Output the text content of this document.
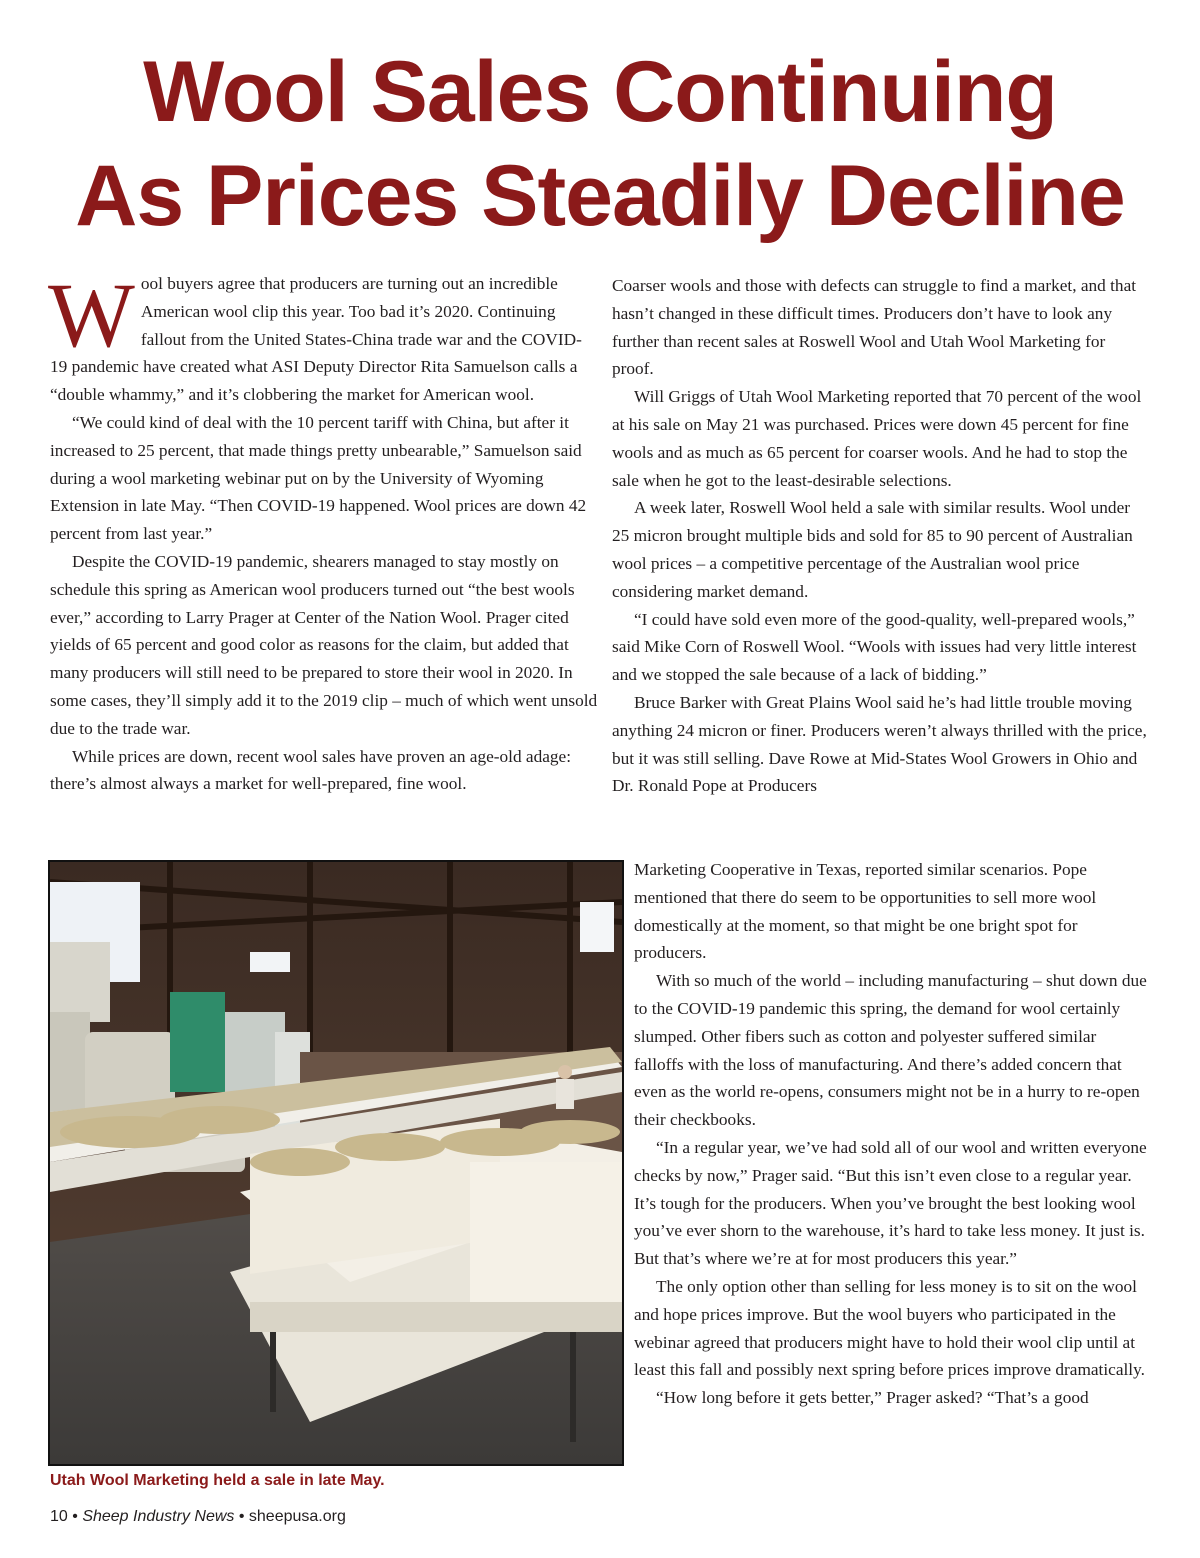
Wool Sales Continuing
As Prices Steadily Decline

Wool buyers agree that producers are turning out an incredible American wool clip this year. Too bad it’s 2020. Continuing fallout from the United States-China trade war and the COVID-19 pandemic have created what ASI Deputy Director Rita Samuelson calls a “double whammy,” and it’s clobbering the market for American wool.

“We could kind of deal with the 10 percent tariff with China, but after it increased to 25 percent, that made things pretty unbearable,” Samuelson said during a wool marketing webinar put on by the University of Wyoming Extension in late May. “Then COVID-19 happened. Wool prices are down 42 percent from last year.”

Despite the COVID-19 pandemic, shearers managed to stay mostly on schedule this spring as American wool producers turned out “the best wools ever,” according to Larry Prager at Center of the Nation Wool. Prager cited yields of 65 percent and good color as reasons for the claim, but added that many producers will still need to be prepared to store their wool in 2020. In some cases, they’ll simply add it to the 2019 clip – much of which went unsold due to the trade war.

While prices are down, recent wool sales have proven an age-old adage: there’s almost always a market for well-prepared, fine wool.

Coarser wools and those with defects can struggle to find a market, and that hasn’t changed in these difficult times. Producers don’t have to look any further than recent sales at Roswell Wool and Utah Wool Marketing for proof.

Will Griggs of Utah Wool Marketing reported that 70 percent of the wool at his sale on May 21 was purchased. Prices were down 45 percent for fine wools and as much as 65 percent for coarser wools. And he had to stop the sale when he got to the least-desirable selections.

A week later, Roswell Wool held a sale with similar results. Wool under 25 micron brought multiple bids and sold for 85 to 90 percent of Australian wool prices – a competitive percentage of the Australian wool price considering market demand.

“I could have sold even more of the good-quality, well-prepared wools,” said Mike Corn of Roswell Wool. “Wools with issues had very little interest and we stopped the sale because of a lack of bidding.”

Bruce Barker with Great Plains Wool said he’s had little trouble moving anything 24 micron or finer. Producers weren’t always thrilled with the price, but it was still selling. Dave Rowe at Mid-States Wool Growers in Ohio and Dr. Ronald Pope at Producers

Marketing Cooperative in Texas, reported similar scenarios. Pope mentioned that there do seem to be opportunities to sell more wool domestically at the moment, so that might be one bright spot for producers.

With so much of the world – including manufacturing – shut down due to the COVID-19 pandemic this spring, the demand for wool certainly slumped. Other fibers such as cotton and polyester suffered similar falloffs with the loss of manufacturing. And there’s added concern that even as the world re-opens, consumers might not be in a hurry to re-open their checkbooks.

“In a regular year, we’ve had sold all of our wool and written everyone checks by now,” Prager said. “But this isn’t even close to a regular year. It’s tough for the producers. When you’ve brought the best looking wool you’ve ever shorn to the warehouse, it’s hard to take less money. It just is. But that’s where we’re at for most producers this year.”

The only option other than selling for less money is to sit on the wool and hope prices improve. But the wool buyers who participated in the webinar agreed that producers might have to hold their wool clip until at least this fall and possibly next spring before prices improve dramatically.

“How long before it gets better,” Prager asked? “That’s a good

Utah Wool Marketing held a sale in late May.

10 • Sheep Industry News • sheepusa.org
